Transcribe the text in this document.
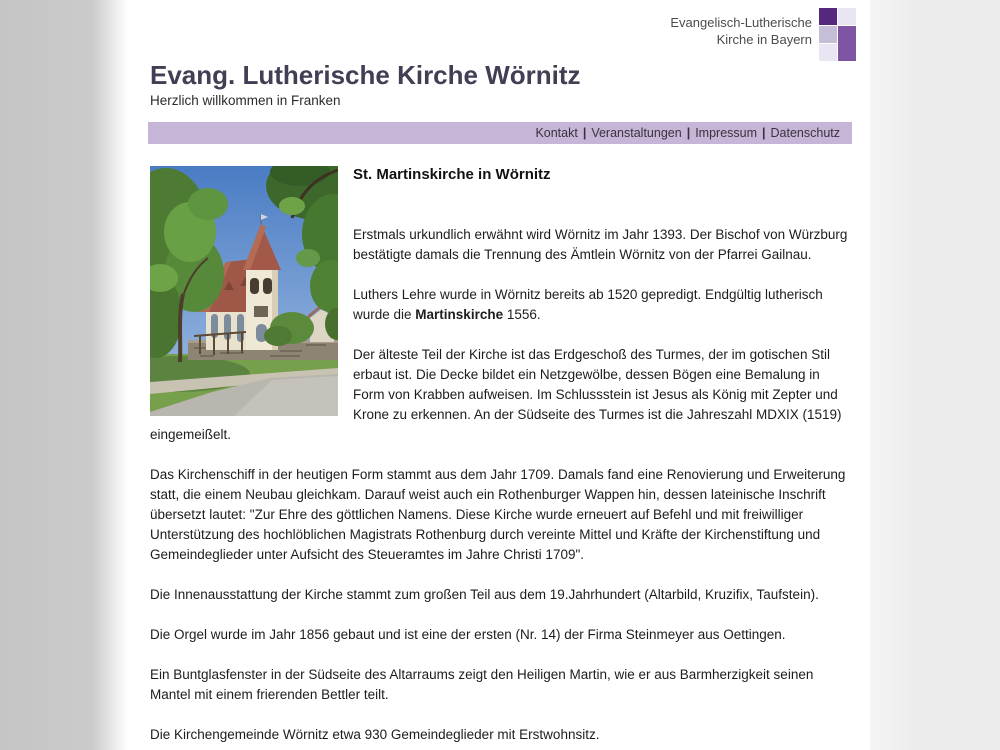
Evangelisch-Lutherische
Kirche in Bayern
Evang. Lutherische Kirche Wörnitz
Herzlich willkommen in Franken
Kontakt | Veranstaltungen | Impressum | Datenschutz
St. Martinskirche in Wörnitz

Erstmals urkundlich erwähnt wird Wörnitz im Jahr 1393. Der Bischof von Würzburg bestätigte damals die Trennung des Ämtlein Wörnitz von der Pfarrei Gailnau.

Luthers Lehre wurde in Wörnitz bereits ab 1520 gepredigt. Endgültig lutherisch wurde die Martinskirche 1556.

Der älteste Teil der Kirche ist das Erdgeschoß des Turmes, der im gotischen Stil erbaut ist. Die Decke bildet ein Netzgewölbe, dessen Bögen eine Bemalung in Form von Krabben aufweisen. Im Schlussstein ist Jesus als König mit Zepter und Krone zu erkennen. An der Südseite des Turmes ist die Jahreszahl MDXIX (1519) eingemeißelt.

Das Kirchenschiff in der heutigen Form stammt aus dem Jahr 1709. Damals fand eine Renovierung und Erweiterung statt, die einem Neubau gleichkam. Darauf weist auch ein Rothenburger Wappen hin, dessen lateinische Inschrift übersetzt lautet: "Zur Ehre des göttlichen Namens. Diese Kirche wurde erneuert auf Befehl und mit freiwilliger Unterstützung des hochlöblichen Magistrats Rothenburg durch vereinte Mittel und Kräfte der Kirchenstiftung und Gemeindeglieder unter Aufsicht des Steueramtes im Jahre Christi 1709".

Die Innenausstattung der Kirche stammt zum großen Teil aus dem 19.Jahrhundert (Altarbild, Kruzifix, Taufstein).

Die Orgel wurde im Jahr 1856 gebaut und ist eine der ersten (Nr. 14) der Firma Steinmeyer aus Oettingen.

Ein Buntglasfenster in der Südseite des Altarraums zeigt den Heiligen Martin, wie er aus Barmherzigkeit seinen Mantel mit einem frierenden Bettler teilt.

Die Kirchengemeinde Wörnitz etwa 930 Gemeindeglieder mit Erstwohnsitz.
